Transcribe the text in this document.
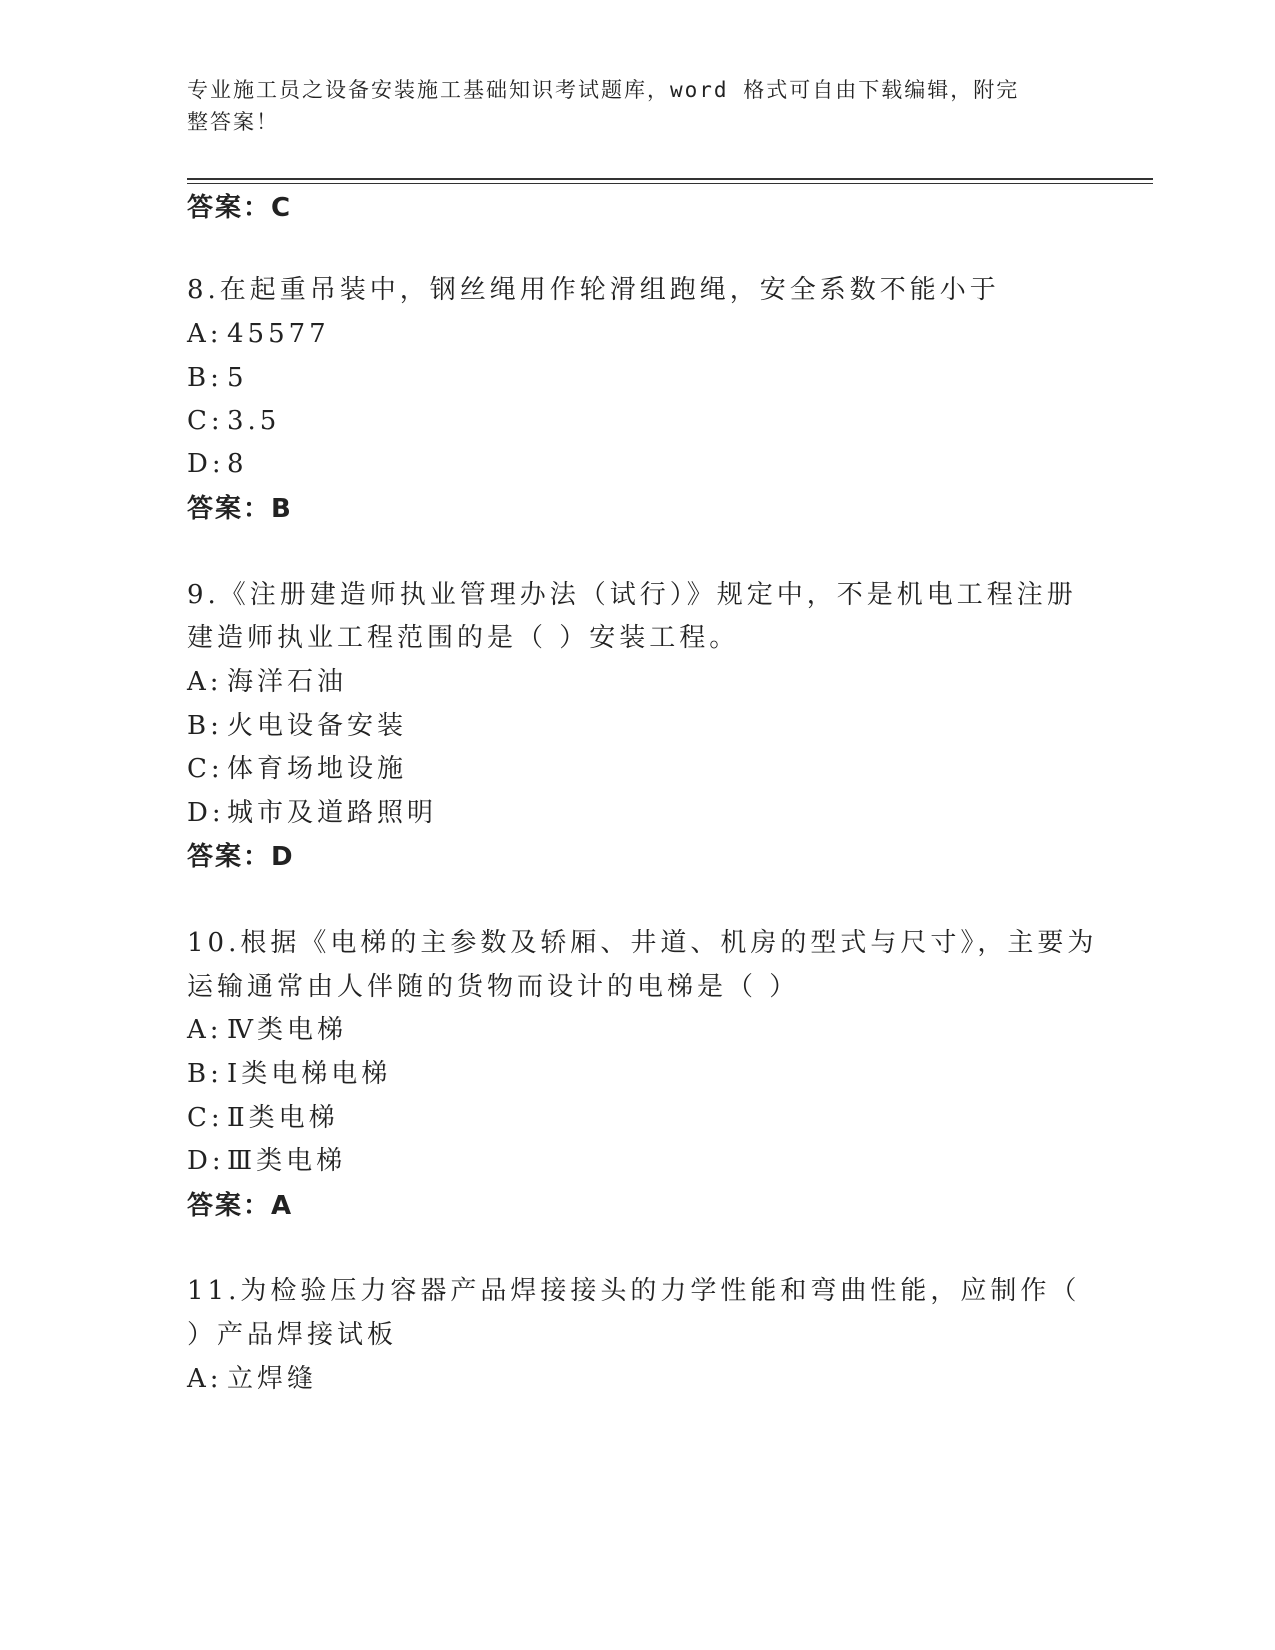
专业施工员之设备安装施工基础知识考试题库，word 格式可自由下载编辑，附完
整答案！
答案：C
8.在起重吊装中，钢丝绳用作轮滑组跑绳，安全系数不能小于
A: 45577
B: 5
C: 3.5
D:8
答案：B
9.《注册建造师执业管理办法（试行）》规定中，不是机电工程注册
建造师执业工程范围的是（ ）安装工程。
A: 海洋石油
B: 火电设备安装
C: 体育场地设施
D:城市及道路照明
答案：D
10.根据《电梯的主参数及轿厢、井道、机房的型式与尺寸》，主要为
运输通常由人伴随的货物而设计的电梯是（ ）
A: Ⅳ类电梯
B: Ⅰ类电梯电梯
C: Ⅱ类电梯
D:Ⅲ类电梯
答案：A
11.为检验压力容器产品焊接接头的力学性能和弯曲性能，应制作（
）产品焊接试板
A: 立焊缝
